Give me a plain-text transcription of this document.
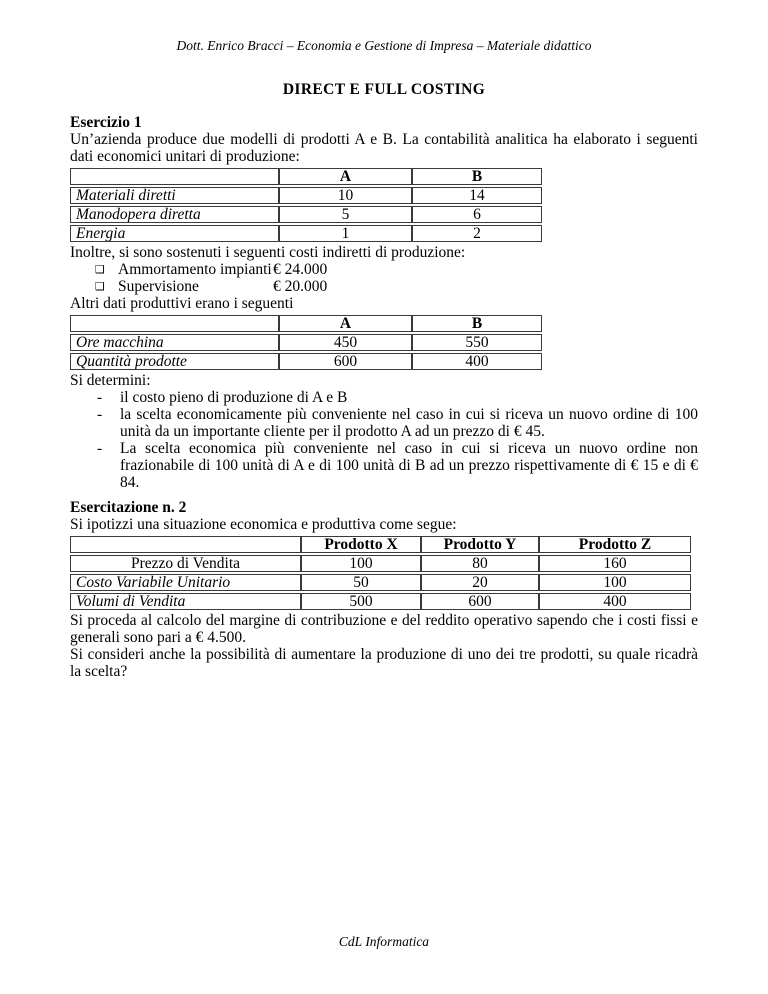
Dott. Enrico Bracci – Economia e Gestione di Impresa – Materiale didattico
DIRECT E FULL COSTING
Esercizio 1

Un’azienda produce due modelli di prodotti A e B. La contabilità analitica ha elaborato i seguenti dati economici unitari di produzione:

	A	B
Materiali diretti	10	14
Manodopera diretta	5	6
Energia	1	2

Inoltre, si sono sostenuti i seguenti costi indiretti di produzione:

❑ Ammortamento impianti € 24.000
❑ Supervisione	€ 20.000

Altri dati produttivi erano i seguenti

	A	B
Ore macchina	450	550
Quantità prodotte	600	400

Si determini:

- il costo pieno di produzione di A e B
- la scelta economicamente più conveniente nel caso in cui si riceva un nuovo ordine di 100 unità da un importante cliente per il prodotto A ad un prezzo di € 45.
- La scelta economica più conveniente nel caso in cui si riceva un nuovo ordine non frazionabile di 100 unità di A e di 100 unità di B ad un prezzo rispettivamente di € 15 e di € 84.
Esercitazione n. 2

Si ipotizzi una situazione economica e produttiva come segue:

	Prodotto X	Prodotto Y	Prodotto Z
Prezzo di Vendita	100	80	160
Costo Variabile Unitario	50	20	100
Volumi di Vendita	500	600	400

Si proceda al calcolo del margine di contribuzione e del reddito operativo sapendo che i costi fissi e generali sono pari a € 4.500.

Si consideri anche la possibilità di aumentare la produzione di uno dei tre prodotti, su quale ricadrà la scelta?

CdL Informatica
